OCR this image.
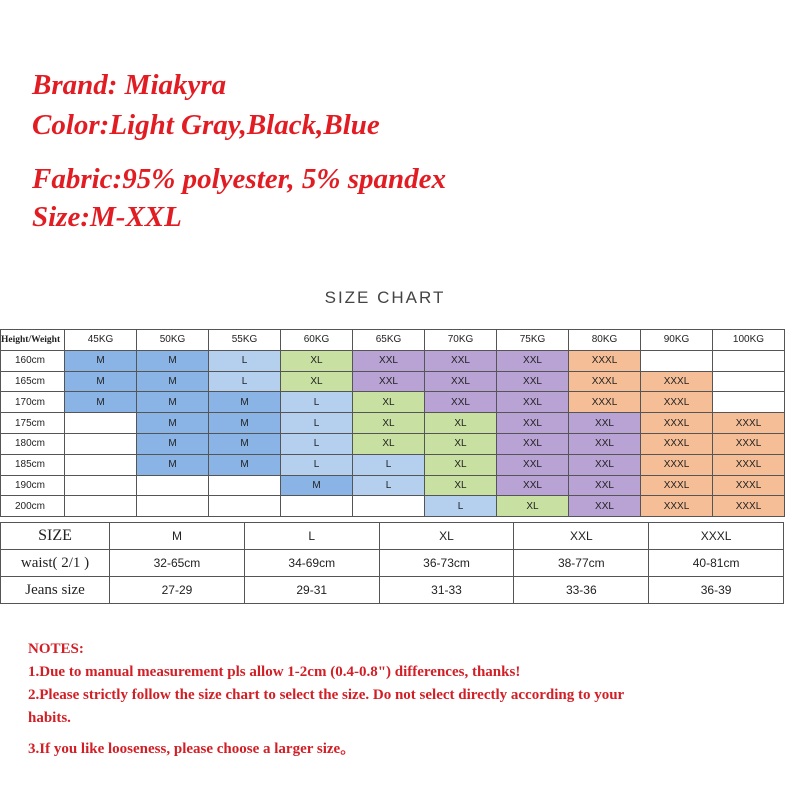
Brand: Miakyra
Color:Light Gray,Black,Blue
Fabric:95% polyester, 5% spandex
Size:M-XXL
SIZE CHART
Height/Weight	45KG	50KG	55KG	60KG	65KG	70KG	75KG	80KG	90KG	100KG
160cm	M	M	L	XL	XXL	XXL	XXL	XXXL		
165cm	M	M	L	XL	XXL	XXL	XXL	XXXL	XXXL	
170cm	M	M	M	L	XL	XXL	XXL	XXXL	XXXL	
175cm		M	M	L	XL	XL	XXL	XXL	XXXL	XXXL
180cm		M	M	L	XL	XL	XXL	XXL	XXXL	XXXL
185cm		M	M	L	L	XL	XXL	XXL	XXXL	XXXL
190cm				M	L	XL	XXL	XXL	XXXL	XXXL
200cm						L	XL	XXL	XXXL	XXXL
SIZE	M	L	XL	XXL	XXXL
waist( 2/1 )	32-65cm	34-69cm	36-73cm	38-77cm	40-81cm
Jeans size	27-29	29-31	31-33	33-36	36-39
NOTES:
1.Due to manual measurement pls allow 1-2cm (0.4-0.8") differences, thanks!
2.Please strictly follow the size chart to select the size. Do not select directly according to your
habits.
3.If you like looseness, please choose a larger size。
